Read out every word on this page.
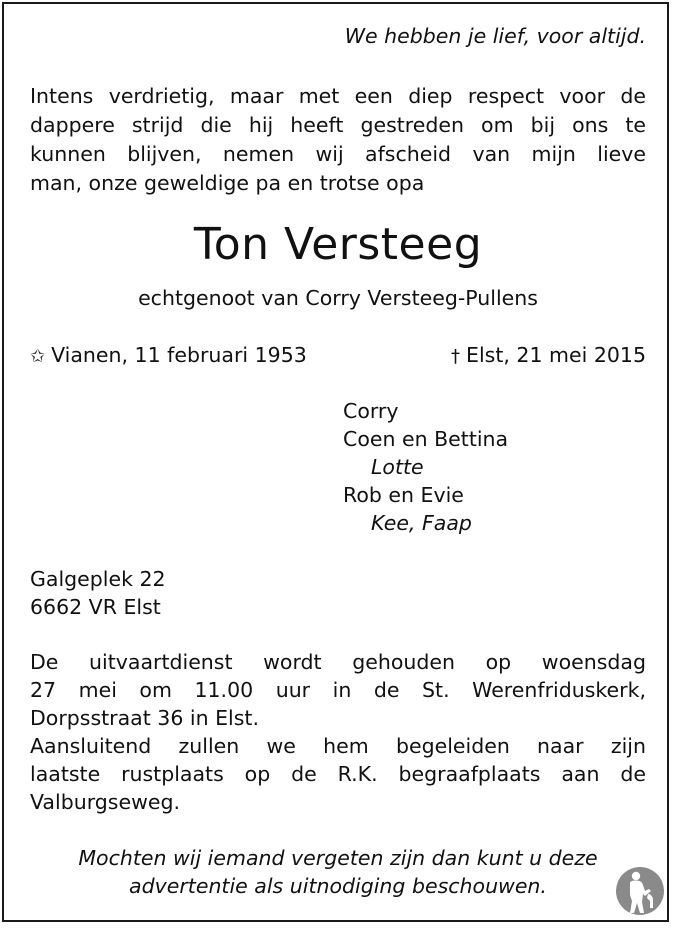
We hebben je lief, voor altijd.
Intens verdrietig, maar met een diep respect voor de
dappere strijd die hij heeft gestreden om bij ons te
kunnen blijven, nemen wij afscheid van mijn lieve
man, onze geweldige pa en trotse opa
Ton Versteeg
echtgenoot van Corry Versteeg-Pullens
✩ Vianen, 11 februari 1953	† Elst, 21 mei 2015
Corry
Coen en Bettina
Lotte
Rob en Evie
Kee, Faap
Galgeplek 22
6662 VR Elst
De uitvaartdienst wordt gehouden op woensdag
27 mei om 11.00 uur in de St. Werenfriduskerk,
Dorpsstraat 36 in Elst.
Aansluitend zullen we hem begeleiden naar zijn
laatste rustplaats op de R.K. begraafplaats aan de
Valburgseweg.
Mochten wij iemand vergeten zijn dan kunt u deze
advertentie als uitnodiging beschouwen.
